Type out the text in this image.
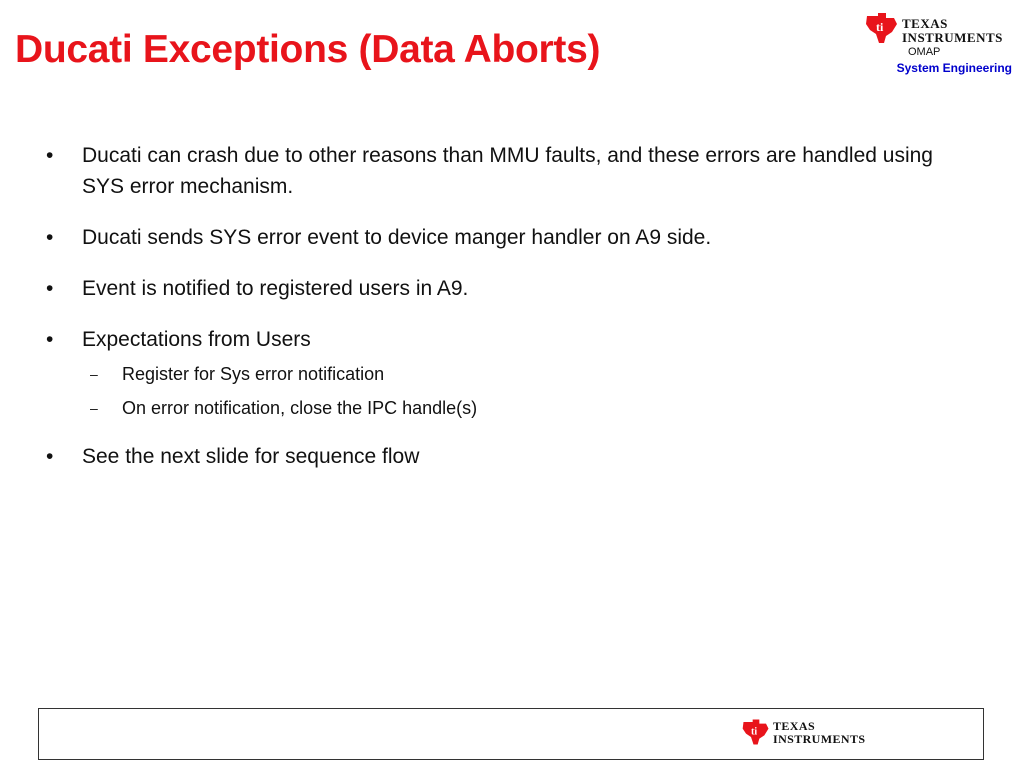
Ducati Exceptions (Data Aborts)
ti TEXAS
INSTRUMENTS
OMAP
System Engineering
• Ducati can crash due to other reasons than MMU faults, and these errors are handled using SYS error mechanism.
• Ducati sends SYS error event to device manger handler on A9 side.
• Event is notified to registered users in A9.
• Expectations from Users
– Register for Sys error notification
– On error notification, close the IPC handle(s)
• See the next slide for sequence flow
ti TEXAS
INSTRUMENTS
